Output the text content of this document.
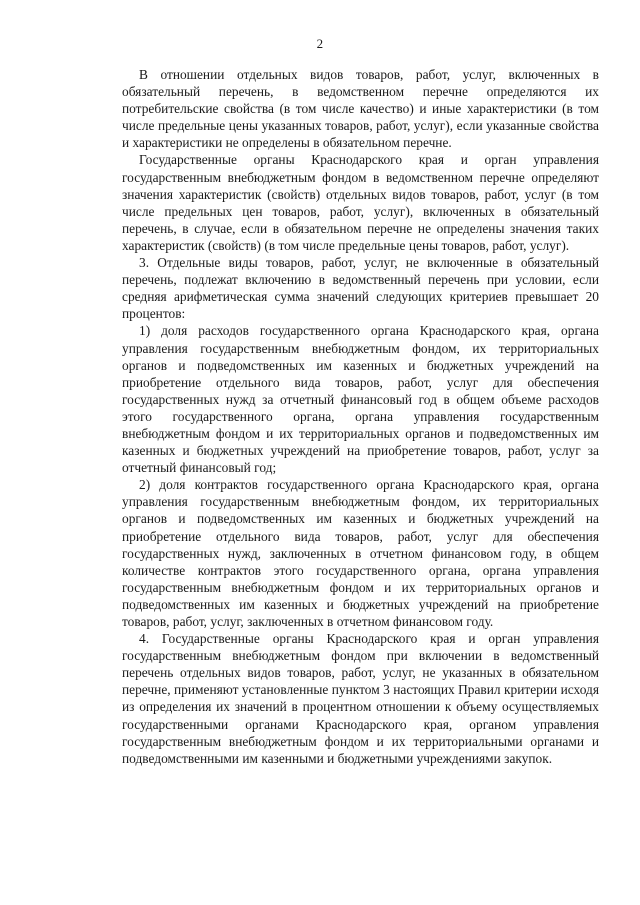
2

В отношении отдельных видов товаров, работ, услуг, включенных в обязательный перечень, в ведомственном перечне определяются их потребительские свойства (в том числе качество) и иные характеристики (в том числе предельные цены указанных товаров, работ, услуг), если указанные свойства и характеристики не определены в обязательном перечне.

Государственные органы Краснодарского края и орган управления государственным внебюджетным фондом в ведомственном перечне определяют значения характеристик (свойств) отдельных видов товаров, работ, услуг (в том числе предельных цен товаров, работ, услуг), включенных в обязательный перечень, в случае, если в обязательном перечне не определены значения таких характеристик (свойств) (в том числе предельные цены товаров, работ, услуг).

3. Отдельные виды товаров, работ, услуг, не включенные в обязательный перечень, подлежат включению в ведомственный перечень при условии, если средняя арифметическая сумма значений следующих критериев превышает 20 процентов:

1) доля расходов государственного органа Краснодарского края, органа управления государственным внебюджетным фондом, их территориальных органов и подведомственных им казенных и бюджетных учреждений на приобретение отдельного вида товаров, работ, услуг для обеспечения государственных нужд за отчетный финансовый год в общем объеме расходов этого государственного органа, органа управления государственным внебюджетным фондом и их территориальных органов и подведомственных им казенных и бюджетных учреждений на приобретение товаров, работ, услуг за отчетный финансовый год;

2) доля контрактов государственного органа Краснодарского края, органа управления государственным внебюджетным фондом, их территориальных органов и подведомственных им казенных и бюджетных учреждений на приобретение отдельного вида товаров, работ, услуг для обеспечения государственных нужд, заключенных в отчетном финансовом году, в общем количестве контрактов этого государственного органа, органа управления государственным внебюджетным фондом и их территориальных органов и подведомственных им казенных и бюджетных учреждений на приобретение товаров, работ, услуг, заключенных в отчетном финансовом году.

4. Государственные органы Краснодарского края и орган управления государственным внебюджетным фондом при включении в ведомственный перечень отдельных видов товаров, работ, услуг, не указанных в обязательном перечне, применяют установленные пунктом 3 настоящих Правил критерии исходя из определения их значений в процентном отношении к объему осуществляемых государственными органами Краснодарского края, органом управления государственным внебюджетным фондом и их территориальными органами и подведомственными им казенными и бюджетными учреждениями закупок.
